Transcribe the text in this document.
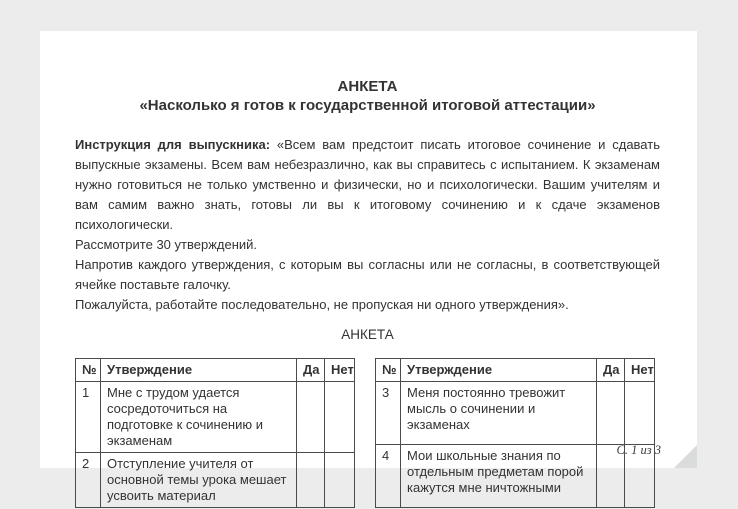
АНКЕТА
«Насколько я готов к государственной итоговой аттестации»

Инструкция для выпускника: «Всем вам предстоит писать итоговое сочинение и сдавать выпускные экзамены. Всем вам небезразлично, как вы справитесь с испытанием. К экзаменам нужно готовиться не только умственно и физически, но и психологически. Вашим учителям и вам самим важно знать, готовы ли вы к итоговому сочинению и к сдаче экзаменов психологически.

Рассмотрите 30 утверждений.

Напротив каждого утверждения, с которым вы согласны или не согласны, в соответствующей ячейке поставьте галочку.

Пожалуйста, работайте последовательно, не пропуская ни одного утверждения».

АНКЕТА
№	Утверждение	Да	Нет
1	Мне с трудом удается сосредоточиться на подготовке к сочинению и экзаменам		
2	Отступление учителя от основной темы урока мешает усвоить материал		
№	Утверждение	Да	Нет
3	Меня постоянно тревожит мысль о сочинении и экзаменах		
4	Мои школьные знания по отдельным предметам порой кажутся мне ничтожными		
С. 1 из 3
